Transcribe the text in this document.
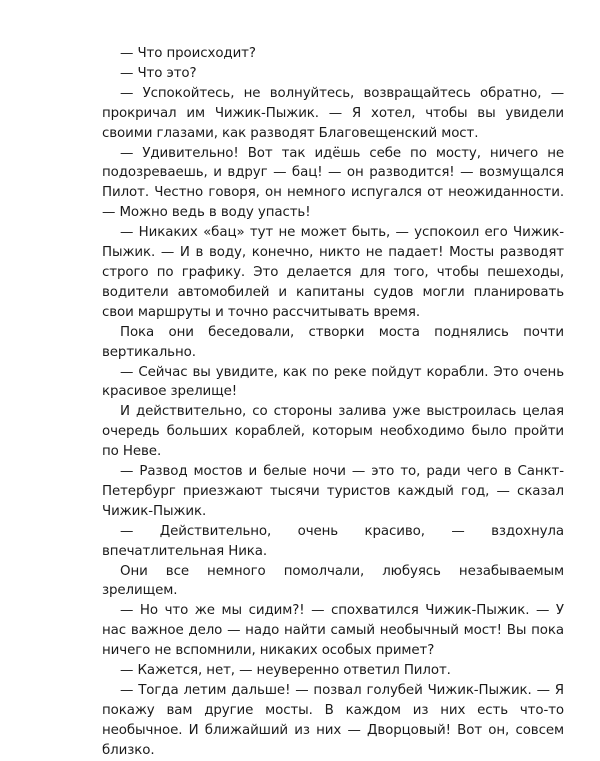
— Что происходит?

— Что это?

— Успокойтесь, не волнуйтесь, возвращайтесь обратно, — прокричал им Чижик-Пыжик. — Я хотел, чтобы вы увидели своими глазами, как разводят Благовещенский мост.

— Удивительно! Вот так идёшь себе по мосту, ничего не подозреваешь, и вдруг — бац! — он разводится! — возмущался Пилот. Честно говоря, он немного испугался от неожиданности. — Можно ведь в воду упасть!

— Никаких «бац» тут не может быть, — успокоил его Чижик-Пыжик. — И в воду, конечно, никто не падает! Мосты разводят строго по графику. Это делается для того, чтобы пешеходы, водители автомобилей и капитаны судов могли планировать свои маршруты и точно рассчитывать время.

Пока они беседовали, створки моста поднялись почти вертикально.

— Сейчас вы увидите, как по реке пойдут корабли. Это очень красивое зрелище!

И действительно, со стороны залива уже выстроилась целая очередь больших кораблей, которым необходимо было пройти по Неве.

— Развод мостов и белые ночи — это то, ради чего в Санкт-Петербург приезжают тысячи туристов каждый год, — сказал Чижик-Пыжик.

— Действительно, очень красиво, — вздохнула впечатлительная Ника.

Они все немного помолчали, любуясь незабываемым зрелищем.

— Но что же мы сидим?! — спохватился Чижик-Пыжик. — У нас важное дело — надо найти самый необычный мост! Вы пока ничего не вспомнили, никаких особых примет?

— Кажется, нет, — неуверенно ответил Пилот.

— Тогда летим дальше! — позвал голубей Чижик-Пыжик. — Я покажу вам другие мосты. В каждом из них есть что-то необычное. И ближайший из них — Дворцовый! Вот он, совсем близко.
